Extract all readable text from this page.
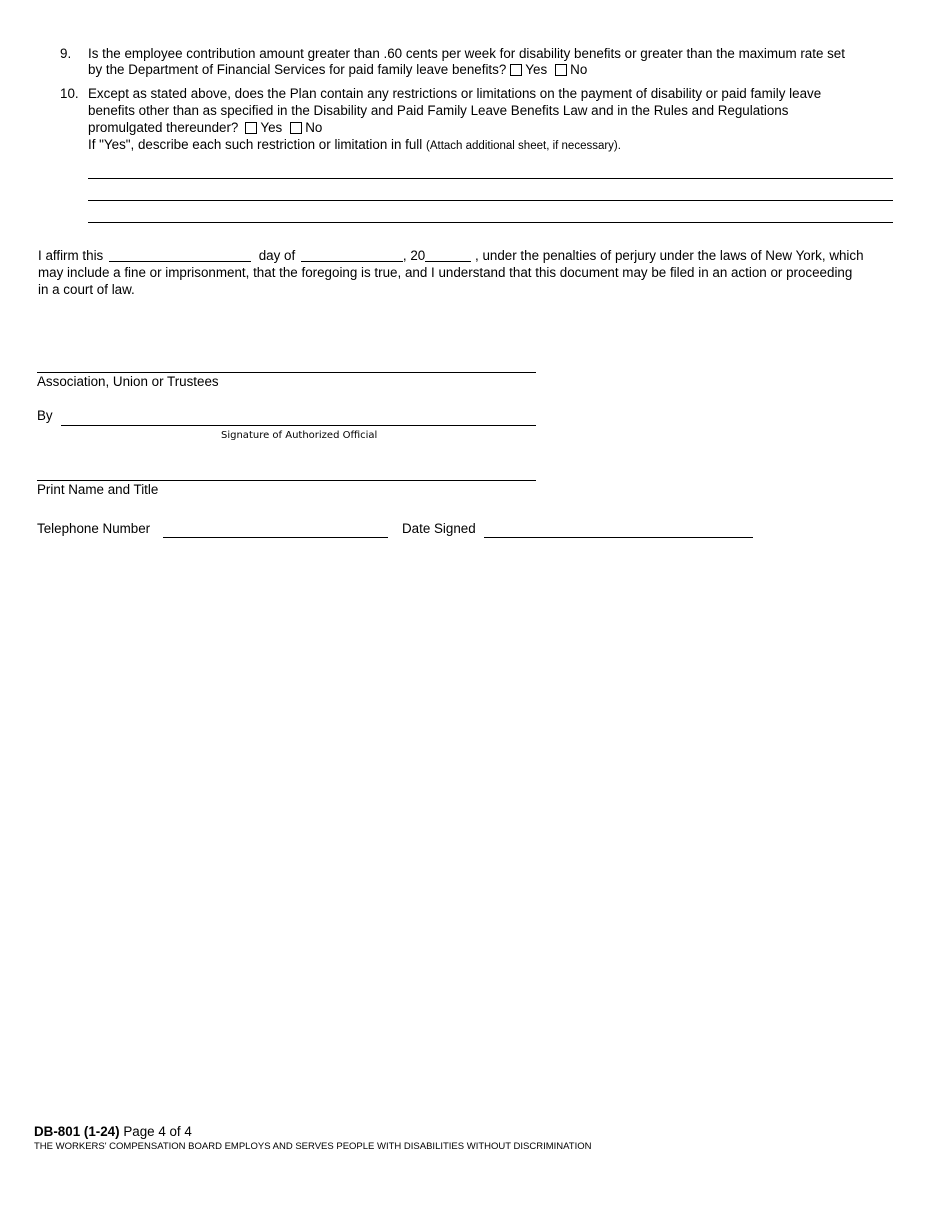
9. Is the employee contribution amount greater than .60 cents per week for disability benefits or greater than the maximum rate set
by the Department of Financial Services for paid family leave benefits? Yes No
10. Except as stated above, does the Plan contain any restrictions or limitations on the payment of disability or paid family leave
benefits other than as specified in the Disability and Paid Family Leave Benefits Law and in the Rules and Regulations
promulgated thereunder? Yes No
If "Yes", describe each such restriction or limitation in full (Attach additional sheet, if necessary).
I affirm this	day of	, 20	, under the penalties of perjury under the laws of New York, which
may include a fine or imprisonment, that the foregoing is true, and I understand that this document may be filed in an action or proceeding
in a court of law.
Association, Union or Trustees
By
Signature of Authorized Official
Print Name and Title
Telephone Number	Date Signed
DB-801 (1-24) Page 4 of 4
THE WORKERS' COMPENSATION BOARD EMPLOYS AND SERVES PEOPLE WITH DISABILITIES WITHOUT DISCRIMINATION
